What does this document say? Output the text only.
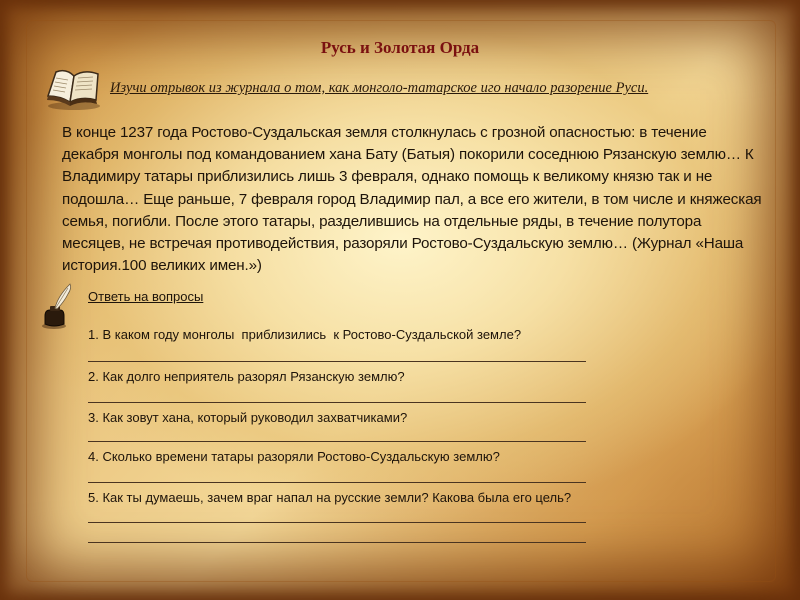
Русь и Золотая Орда
Изучи отрывок из журнала о том, как монголо-татарское иго начало разорение Руси.
В конце 1237 года Ростово-Суздальская земля столкнулась с грозной опасностью: в течение декабря монголы под командованием хана Бату (Батыя) покорили соседнюю Рязанскую землю… К Владимиру татары приблизились лишь 3 февраля, однако помощь к великому князю так и не подошла… Еще раньше, 7 февраля город Владимир пал, а все его жители, в том числе и княжеская семья, погибли. После этого татары, разделившись на отдельные ряды, в течение полутора месяцев, не встречая противодействия, разоряли Ростово-Суздальскую землю… (Журнал «Наша история.100 великих имен.»)
Ответь на вопросы
1. В каком году монголы  приблизились  к Ростово-Суздальской земле?
2. Как долго неприятель разорял Рязанскую землю?
3. Как зовут хана, который руководил захватчиками?
4. Сколько времени татары разоряли Ростово-Суздальскую землю?
5. Как ты думаешь, зачем враг напал на русские земли? Какова была его цель?
